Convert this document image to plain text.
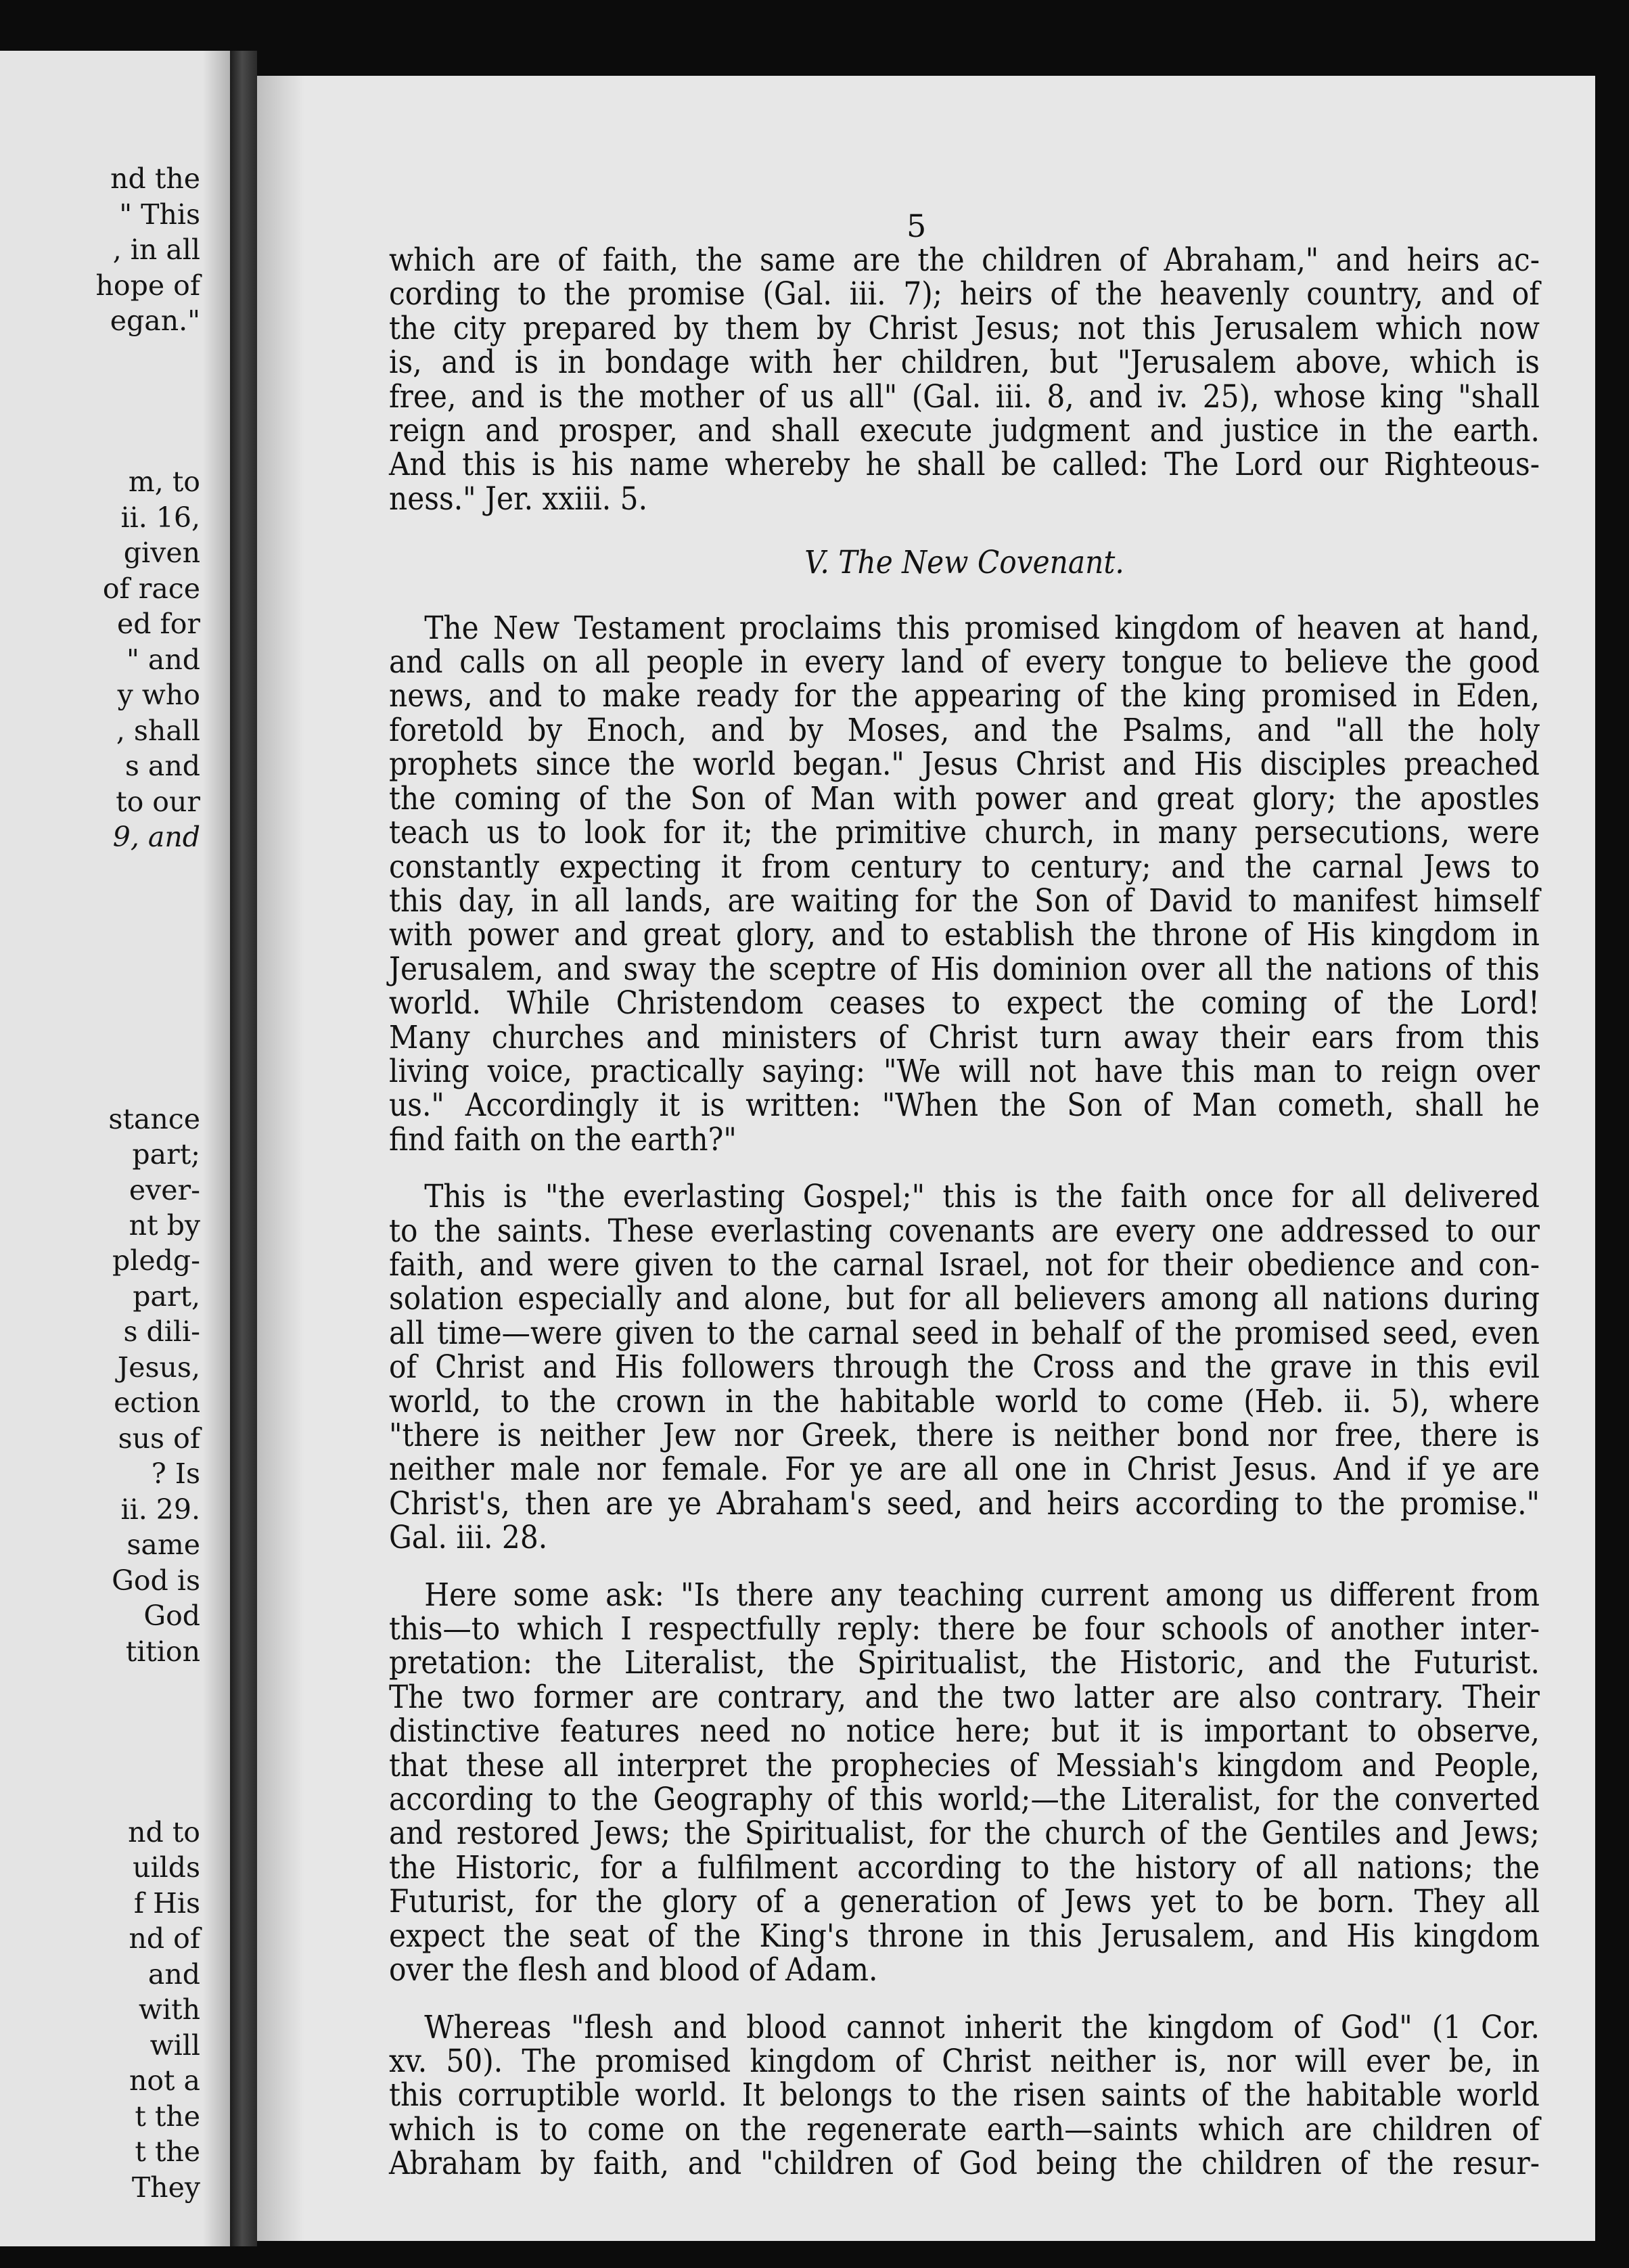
nd the
" This
, in all
hope of
egan."
m, to
ii. 16,
given
of race
ed for
" and
y who
, shall
s and
to our
9, and
stance
part;
ever-
nt by
pledg-
part,
s dili-
Jesus,
ection
sus of
? Is
ii. 29.
same
God is
God
tition
nd to
uilds
f His
nd of
and
with
will
not a
t the
t the
They
5
which are of faith, the same are the children of Abraham," and heirs ac-
cording to the promise (Gal. iii. 7); heirs of the heavenly country, and of
the city prepared by them by Christ Jesus; not this Jerusalem which now
is, and is in bondage with her children, but "Jerusalem above, which is
free, and is the mother of us all" (Gal. iii. 8, and iv. 25), whose king "shall
reign and prosper, and shall execute judgment and justice in the earth.
And this is his name whereby he shall be called: The Lord our Righteous-
ness." Jer. xxiii. 5.
V. The New Covenant.
The New Testament proclaims this promised kingdom of heaven at hand,
and calls on all people in every land of every tongue to believe the good
news, and to make ready for the appearing of the king promised in Eden,
foretold by Enoch, and by Moses, and the Psalms, and "all the holy
prophets since the world began." Jesus Christ and His disciples preached
the coming of the Son of Man with power and great glory; the apostles
teach us to look for it; the primitive church, in many persecutions, were
constantly expecting it from century to century; and the carnal Jews to
this day, in all lands, are waiting for the Son of David to manifest himself
with power and great glory, and to establish the throne of His kingdom in
Jerusalem, and sway the sceptre of His dominion over all the nations of this
world. While Christendom ceases to expect the coming of the Lord!
Many churches and ministers of Christ turn away their ears from this
living voice, practically saying: "We will not have this man to reign over
us." Accordingly it is written: "When the Son of Man cometh, shall he
find faith on the earth?"
This is "the everlasting Gospel;" this is the faith once for all delivered
to the saints. These everlasting covenants are every one addressed to our
faith, and were given to the carnal Israel, not for their obedience and con-
solation especially and alone, but for all believers among all nations during
all time—were given to the carnal seed in behalf of the promised seed, even
of Christ and His followers through the Cross and the grave in this evil
world, to the crown in the habitable world to come (Heb. ii. 5), where
"there is neither Jew nor Greek, there is neither bond nor free, there is
neither male nor female. For ye are all one in Christ Jesus. And if ye are
Christ's, then are ye Abraham's seed, and heirs according to the promise."
Gal. iii. 28.
Here some ask: "Is there any teaching current among us different from
this—to which I respectfully reply: there be four schools of another inter-
pretation: the Literalist, the Spiritualist, the Historic, and the Futurist.
The two former are contrary, and the two latter are also contrary. Their
distinctive features need no notice here; but it is important to observe,
that these all interpret the prophecies of Messiah's kingdom and People,
according to the Geography of this world;—the Literalist, for the converted
and restored Jews; the Spiritualist, for the church of the Gentiles and Jews;
the Historic, for a fulfilment according to the history of all nations; the
Futurist, for the glory of a generation of Jews yet to be born. They all
expect the seat of the King's throne in this Jerusalem, and His kingdom
over the flesh and blood of Adam.
Whereas "flesh and blood cannot inherit the kingdom of God" (1 Cor.
xv. 50). The promised kingdom of Christ neither is, nor will ever be, in
this corruptible world. It belongs to the risen saints of the habitable world
which is to come on the regenerate earth—saints which are children of
Abraham by faith, and "children of God being the children of the resur-
